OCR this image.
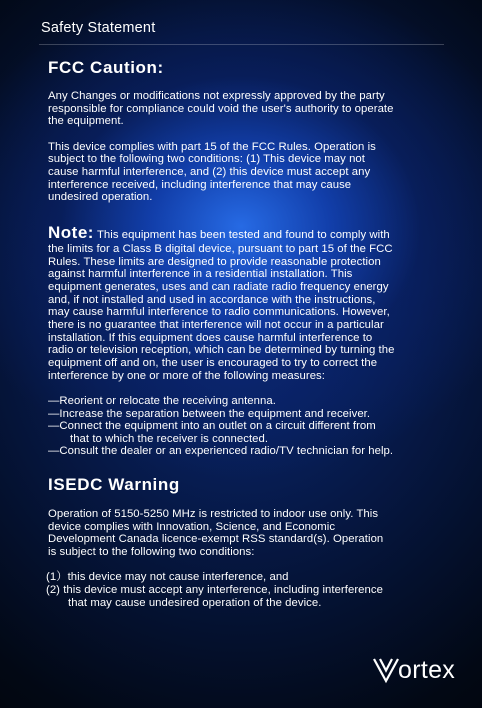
Safety Statement
FCC Caution:
Any Changes or modifications not expressly approved by the party
responsible for compliance could void the user's authority to operate
the equipment.
This device complies with part 15 of the FCC Rules. Operation is
subject to the following two conditions: (1) This device may not
cause harmful interference, and (2) this device must accept any
interference received, including interference that may cause
undesired operation.
Note: This equipment has been tested and found to comply with
the limits for a Class B digital device, pursuant to part 15 of the FCC
Rules. These limits are designed to provide reasonable protection
against harmful interference in a residential installation. This
equipment generates, uses and can radiate radio frequency energy
and, if not installed and used in accordance with the instructions,
may cause harmful interference to radio communications. However,
there is no guarantee that interference will not occur in a particular
installation. If this equipment does cause harmful interference to
radio or television reception, which can be determined by turning the
equipment off and on, the user is encouraged to try to correct the
interference by one or more of the following measures:
—Reorient or relocate the receiving antenna.
—Increase the separation between the equipment and receiver.
—Connect the equipment into an outlet on a circuit different from
that to which the receiver is connected.
—Consult the dealer or an experienced radio/TV technician for help.
ISEDC Warning
Operation of 5150-5250 MHz is restricted to indoor use only. This
device complies with Innovation, Science, and Economic
Development Canada licence-exempt RSS standard(s). Operation
is subject to the following two conditions:
(1）this device may not cause interference, and
(2) this device must accept any interference, including interference
that may cause undesired operation of the device.
ortex
